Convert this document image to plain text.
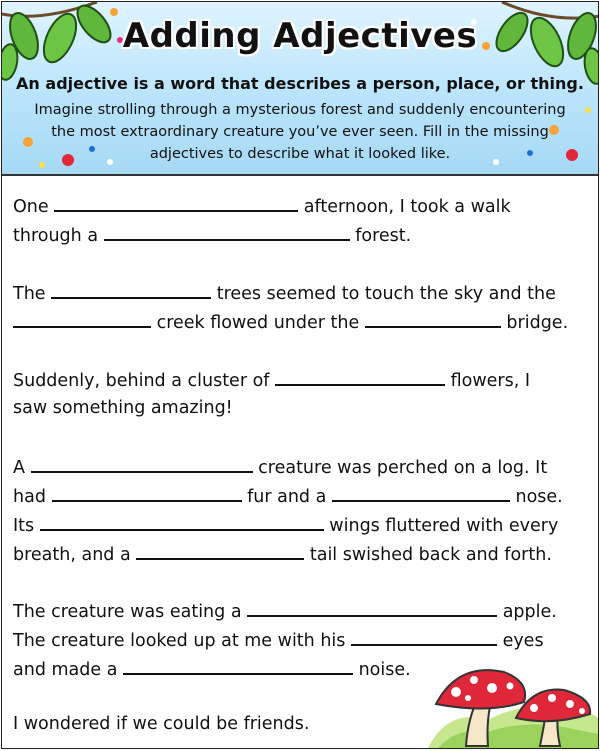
Adding Adjectives
An adjective is a word that describes a person, place, or thing.
Imagine strolling through a mysterious forest and suddenly encountering the most extraordinary creature you’ve ever seen. Fill in the missing adjectives to describe what it looked like.
One	afternoon, I took a walk
through a	forest.
The	trees seemed to touch the sky and the
creek flowed under the	bridge.
Suddenly, behind a cluster of	flowers, I
saw something amazing!
A	creature was perched on a log. It
had	fur and a	nose.
Its	wings fluttered with every
breath, and a	tail swished back and forth.
The creature was eating a	apple.
The creature looked up at me with his	eyes
and made a	noise.
I wondered if we could be friends.
